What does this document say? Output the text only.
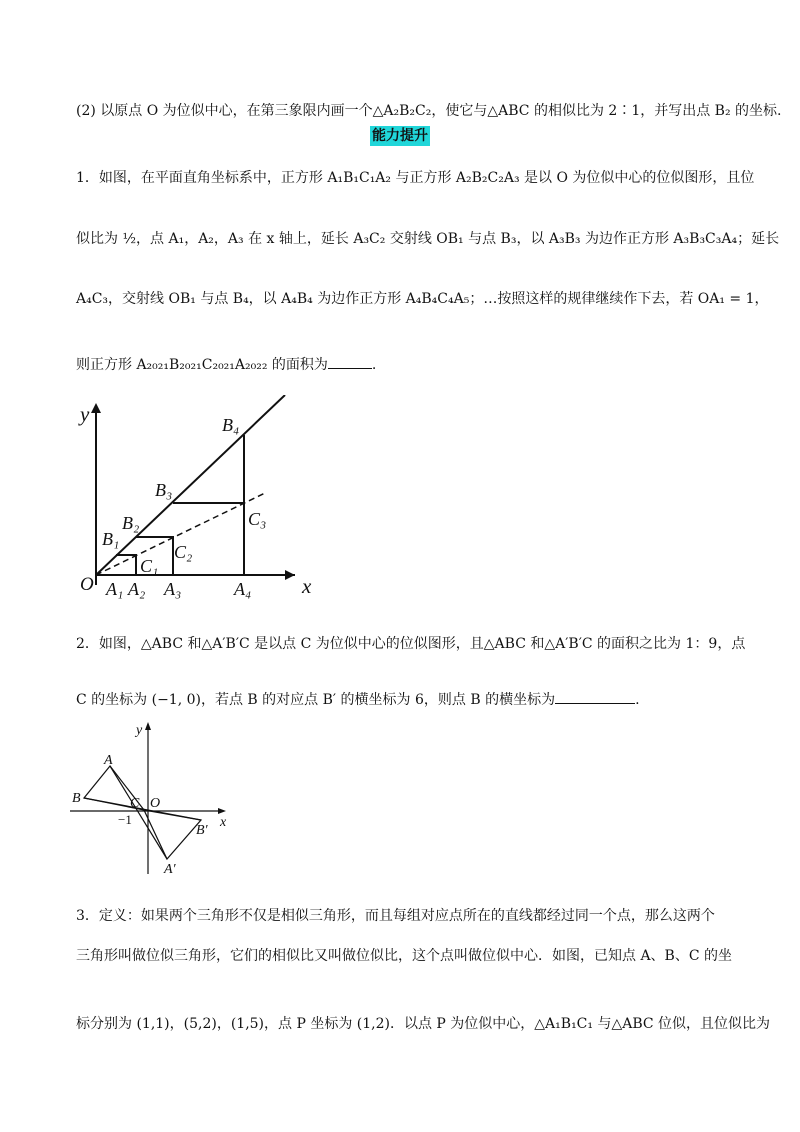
(2) 以原点 O 为位似中心，在第三象限内画一个△A₂B₂C₂，使它与△ABC 的相似比为 2∶1，并写出点 B₂ 的坐标.
能力提升
1．如图，在平面直角坐标系中，正方形 A₁B₁C₁A₂ 与正方形 A₂B₂C₂A₃ 是以 O 为位似中心的位似图形，且位
似比为 ½，点 A₁，A₂，A₃ 在 x 轴上，延长 A₃C₂ 交射线 OB₁ 与点 B₃，以 A₃B₃ 为边作正方形 A₃B₃C₃A₄；延长
A₄C₃，交射线 OB₁ 与点 B₄，以 A₄B₄ 为边作正方形 A₄B₄C₄A₅；…按照这样的规律继续作下去，若 OA₁ = 1，
则正方形 A₂₀₂₁B₂₀₂₁C₂₀₂₁A₂₀₂₂ 的面积为	.
O	x
y
A₁ A₂ A₃	A₄
B₁
B₂
B₃
B₄
C₁
C₂
C₃
2．如图，△ABC 和△A′B′C 是以点 C 为位似中心的位似图形，且△ABC 和△A′B′C 的面积之比为 1：9，点
C 的坐标为 (−1, 0)，若点 B 的对应点 B′ 的横坐标为 6，则点 B 的横坐标为	.
A
B	C O
−1
B′
A′
x
y
3．定义：如果两个三角形不仅是相似三角形，而且每组对应点所在的直线都经过同一个点，那么这两个
三角形叫做位似三角形，它们的相似比又叫做位似比，这个点叫做位似中心．如图，已知点 A、B、C 的坐
标分别为 (1,1)，(5,2)，(1,5)，点 P 坐标为 (1,2)．以点 P 为位似中心，△A₁B₁C₁ 与△ABC 位似，且位似比为
